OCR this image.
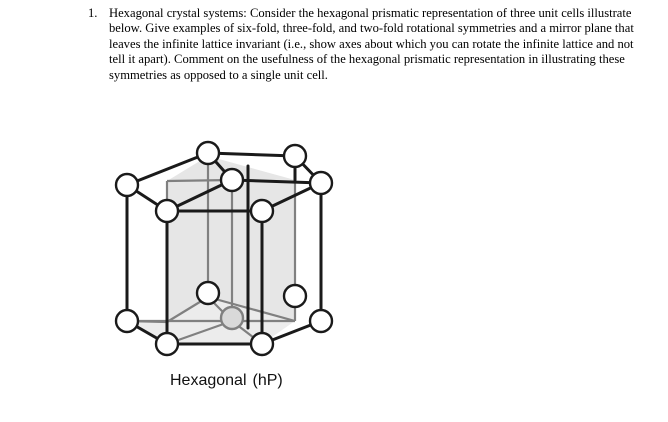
1. Hexagonal crystal systems: Consider the hexagonal prismatic representation of three unit cells illustrate below. Give examples of six-fold, three-fold, and two-fold rotational symmetries and a mirror plane that leaves the infinite lattice invariant (i.e., show axes about which you can rotate the infinite lattice and not tell it apart). Comment on the usefulness of the hexagonal prismatic representation in illustrating these symmetries as opposed to a single unit cell.
Hexagonal (hP)
